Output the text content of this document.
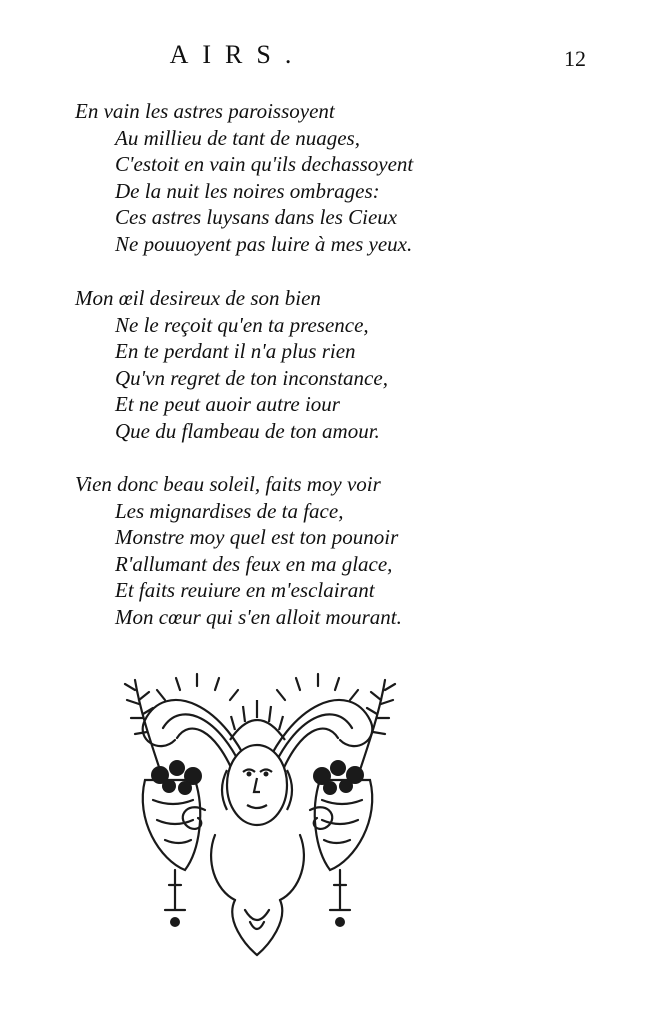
AIRS.	12
En vain les astres paroissoyent
Au millieu de tant de nuages,
C'estoit en vain qu'ils dechassoyent
De la nuit les noires ombrages:
Ces astres luysans dans les Cieux
Ne pouuoyent pas luire à mes yeux.
Mon œil desireux de son bien
Ne le reçoit qu'en ta presence,
En te perdant il n'a plus rien
Qu'vn regret de ton inconstance,
Et ne peut auoir autre iour
Que du flambeau de ton amour.
Vien donc beau soleil, faits moy voir
Les mignardises de ta face,
Monstre moy quel est ton pounoir
R'allumant des feux en ma glace,
Et faits reuiure en m'esclairant
Mon cœur qui s'en alloit mourant.
